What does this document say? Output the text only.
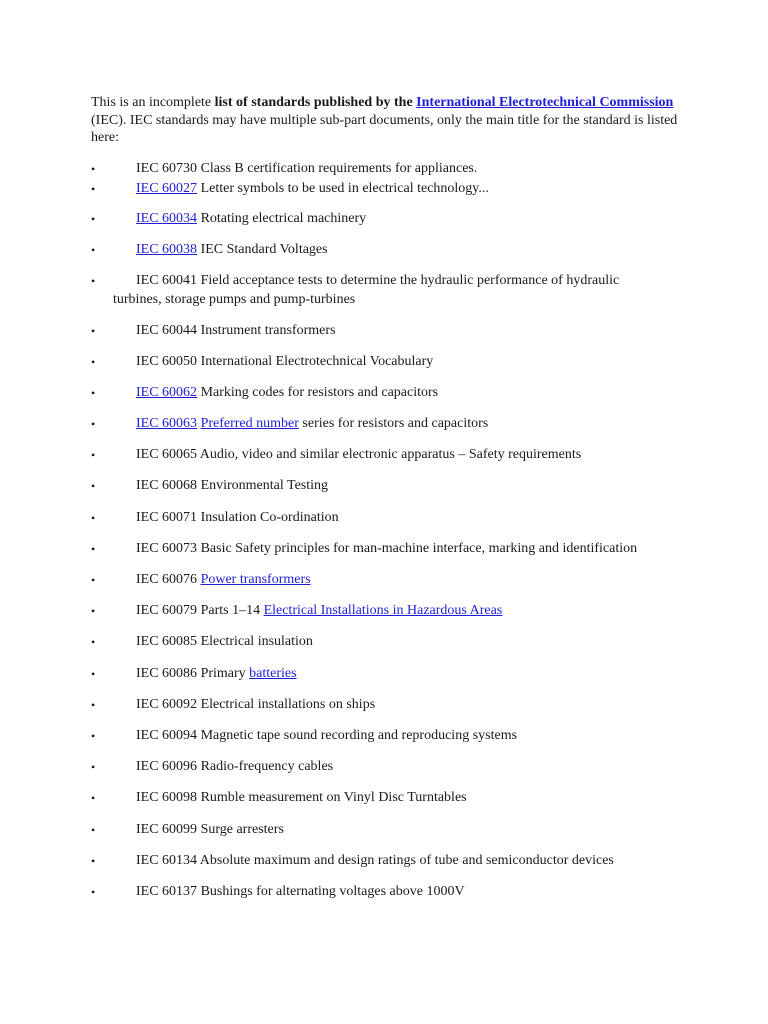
This is an incomplete list of standards published by the International Electrotechnical Commission (IEC). IEC standards may have multiple sub-part documents, only the main title for the standard is listed here:

•	IEC 60730 Class B certification requirements for appliances.
•	IEC 60027 Letter symbols to be used in electrical technology...
•	IEC 60034 Rotating electrical machinery
•	IEC 60038 IEC Standard Voltages
•	IEC 60041 Field acceptance tests to determine the hydraulic performance of hydraulic
turbines, storage pumps and pump-turbines
•	IEC 60044 Instrument transformers
•	IEC 60050 International Electrotechnical Vocabulary
•	IEC 60062 Marking codes for resistors and capacitors
•	IEC 60063 Preferred number series for resistors and capacitors
•	IEC 60065 Audio, video and similar electronic apparatus – Safety requirements
•	IEC 60068 Environmental Testing
•	IEC 60071 Insulation Co-ordination
•	IEC 60073 Basic Safety principles for man-machine interface, marking and identification
•	IEC 60076 Power transformers
•	IEC 60079 Parts 1–14 Electrical Installations in Hazardous Areas
•	IEC 60085 Electrical insulation
•	IEC 60086 Primary batteries
•	IEC 60092 Electrical installations on ships
•	IEC 60094 Magnetic tape sound recording and reproducing systems
•	IEC 60096 Radio-frequency cables
•	IEC 60098 Rumble measurement on Vinyl Disc Turntables
•	IEC 60099 Surge arresters
•	IEC 60134 Absolute maximum and design ratings of tube and semiconductor devices
•	IEC 60137 Bushings for alternating voltages above 1000V
